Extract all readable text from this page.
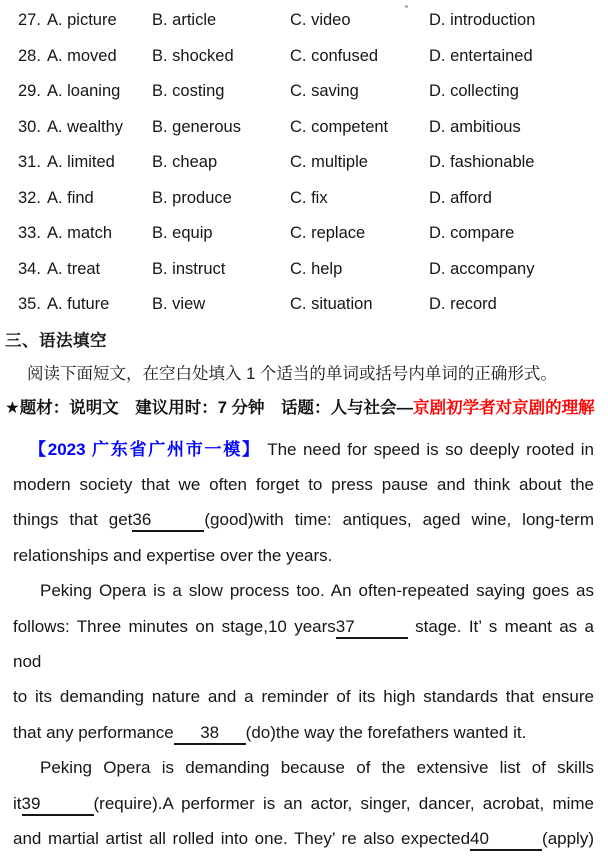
27. A. picture	B. article	C. video	D. introduction
28. A. moved	B. shocked	C. confused	D. entertained
29. A. loaning	B. costing	C. saving	D. collecting
30. A. wealthy	B. generous	C. competent	D. ambitious
31. A. limited	B. cheap	C. multiple	D. fashionable
32. A. find	B. produce	C. fix	D. afford
33. A. match	B. equip	C. replace	D. compare
34. A. treat	B. instruct	C. help	D. accompany
35. A. future	B. view	C. situation	D. record
三、语法填空
阅读下面短文，在空白处填入 1 个适当的单词或括号内单词的正确形式。
★题材：说明文　建议用时：7 分钟　话题：人与社会—京剧初学者对京剧的理解
【2023 广东省广州市一模】 The need for speed is so deeply rooted in
modern society that we often forget to press pause and think about the
things that get36	(good)with time: antiques, aged wine, long-term
relationships and expertise over the years.
Peking Opera is a slow process too. An often-repeated saying goes as
follows: Three minutes on stage,10 years37	stage. It’ s meant as a nod
to its demanding nature and a reminder of its high standards that ensure
that any performance 38 (do)the way the forefathers wanted it.
Peking Opera is demanding because of the extensive list of skills
it39	(require).A performer is an actor, singer, dancer, acrobat, mime
and martial artist all rolled into one. They’ re also expected40	(apply)
